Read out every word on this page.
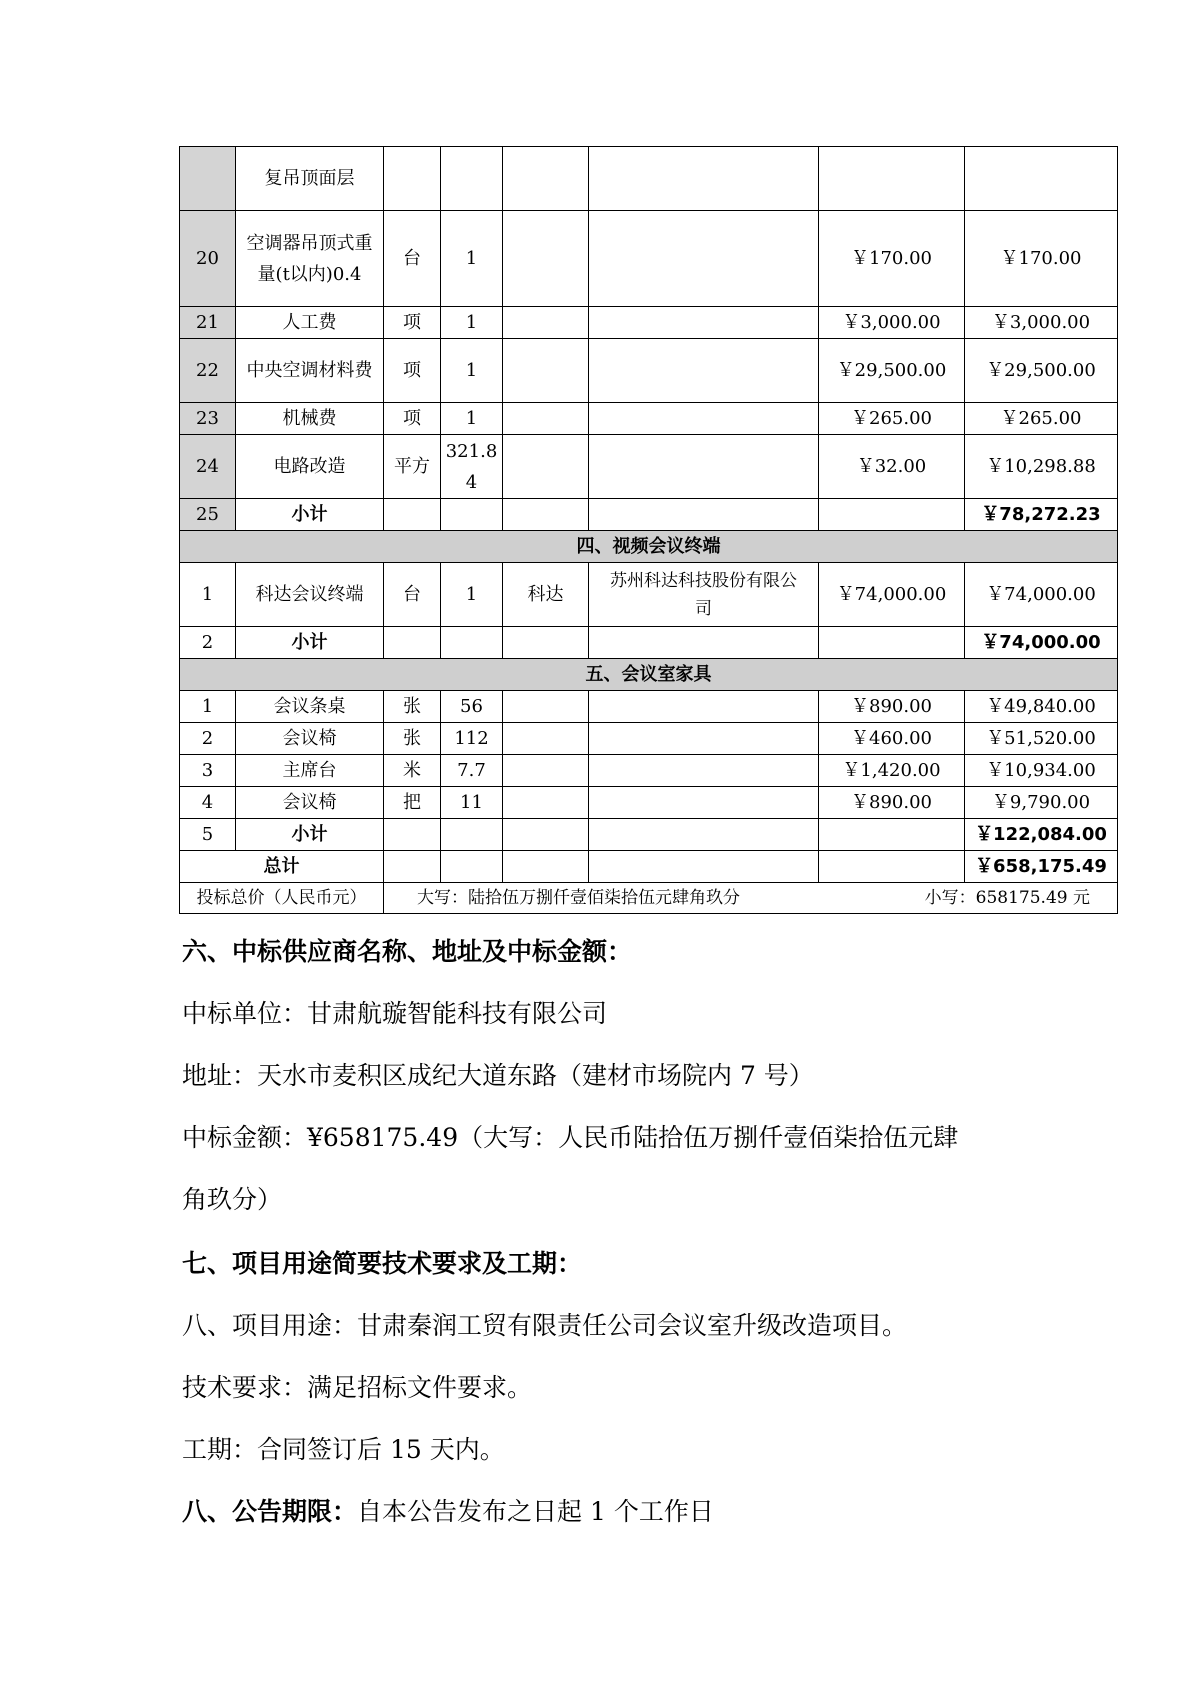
	复吊顶面层						
20	空调器吊顶式重量(t以内)0.4	台	1			￥170.00	￥170.00
21	人工费	项	1			￥3,000.00	￥3,000.00
22	中央空调材料费	项	1			￥29,500.00	￥29,500.00
23	机械费	项	1			￥265.00	￥265.00
24	电路改造	平方	321.84			￥32.00	￥10,298.88
25	小计						￥78,272.23
四、视频会议终端							
1	科达会议终端	台	1	科达	苏州科达科技股份有限公司	￥74,000.00	￥74,000.00
2	小计						￥74,000.00
五、会议室家具							
1	会议条桌	张	56			￥890.00	￥49,840.00
2	会议椅	张	112			￥460.00	￥51,520.00
3	主席台	米	7.7			￥1,420.00	￥10,934.00
4	会议椅	把	11			￥890.00	￥9,790.00
5	小计						￥122,084.00
总计							￥658,175.49
投标总价（人民币元）		大写：陆拾伍万捌仟壹佰柒拾伍元肆角玖分 小写：658175.49 元					

六、中标供应商名称、地址及中标金额：

中标单位：甘肃航璇智能科技有限公司

地址：天水市麦积区成纪大道东路（建材市场院内 7 号）

中标金额：¥658175.49（大写：人民币陆拾伍万捌仟壹佰柒拾伍元肆

角玖分）

七、项目用途简要技术要求及工期：

八、项目用途：甘肃秦润工贸有限责任公司会议室升级改造项目。

技术要求：满足招标文件要求。

工期：合同签订后 15 天内。

八、公告期限：自本公告发布之日起 1 个工作日
